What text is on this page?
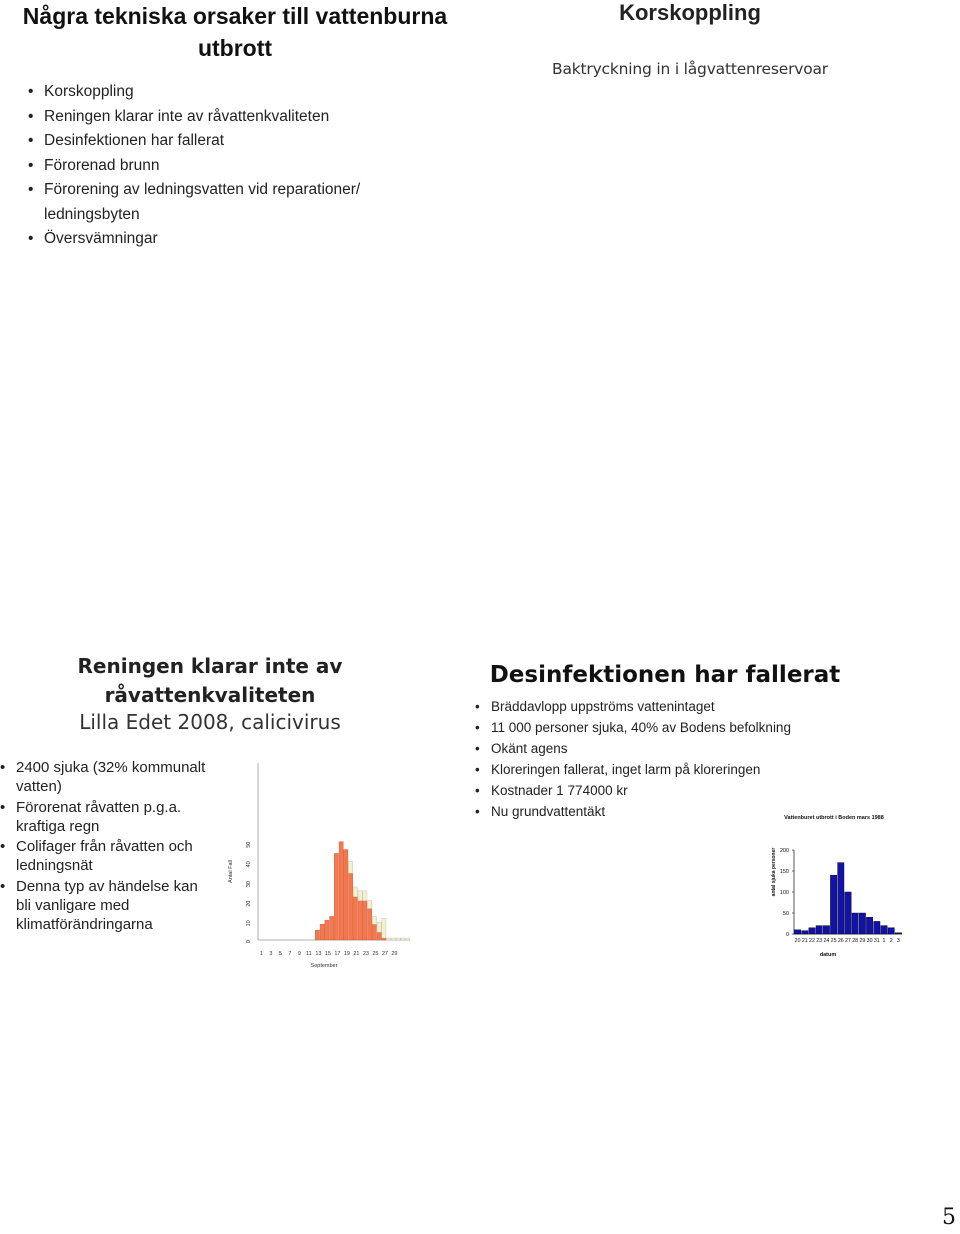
Några tekniska orsaker till vattenburna utbrott
• Korskoppling
• Reningen klarar inte av råvattenkvaliteten
• Desinfektionen har fallerat
• Förorenad brunn
• Förorening av ledningsvatten vid reparationer/ ledningsbyten
• Översvämningar
Korskoppling
Baktryckning in i lågvattenreservoar
Reningen klarar inte av råvattenkvaliteten
Lilla Edet 2008, calicivirus
• 2400 sjuka (32% kommunalt vatten)
• Förorenat råvatten p.g.a. kraftiga regn
• Colifager från råvatten och ledningsnät
• Denna typ av händelse kan bli vanligare med klimatförändringarna
0
10
20
30
40
50
1 3 5 7 9 11 13 15 17 19 21 23 25 27 29
September
Antal Fall
Desinfektionen har fallerat
• Bräddavlopp uppströms vattenintaget
• 11 000 personer sjuka, 40% av Bodens befolkning
• Okänt agens
• Kloreringen fallerat, inget larm på kloreringen
• Kostnader 1 774000 kr
• Nu grundvattentäkt	Vattenburet utbrott i Boden mars 1988
0
50
100
150
200
20 21 22 23 24 25 26 27 28 29 30 31 1 2 3
datum
antal sjuka personer
5
